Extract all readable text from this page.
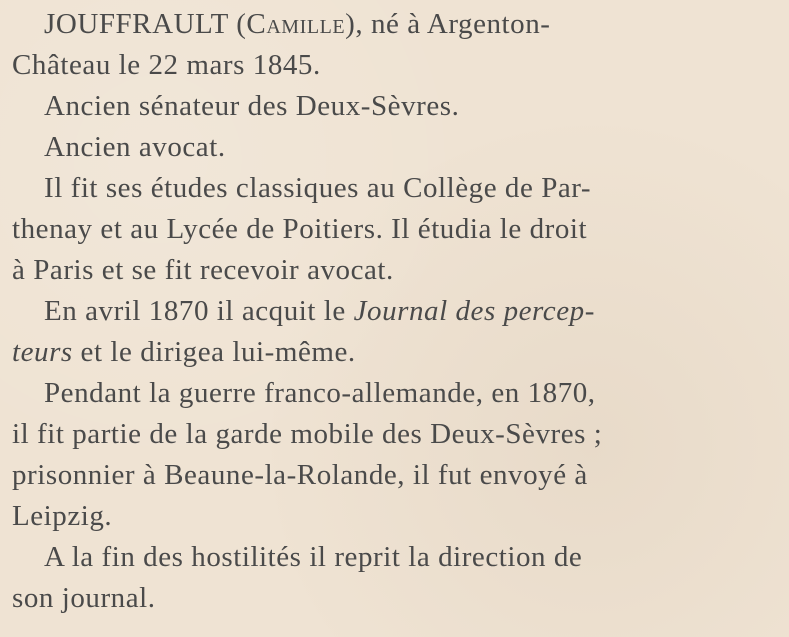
JOUFFRAULT (Camille), né à Argenton-
Château le 22 mars 1845.
Ancien sénateur des Deux-Sèvres.
Ancien avocat.
Il fit ses études classiques au Collège de Par-
thenay et au Lycée de Poitiers. Il étudia le droit
à Paris et se fit recevoir avocat.
En avril 1870 il acquit le Journal des percep-
teurs et le dirigea lui-même.
Pendant la guerre franco-allemande, en 1870,
il fit partie de la garde mobile des Deux-Sèvres ;
prisonnier à Beaune-la-Rolande, il fut envoyé à
Leipzig.
A la fin des hostilités il reprit la direction de
son journal.
